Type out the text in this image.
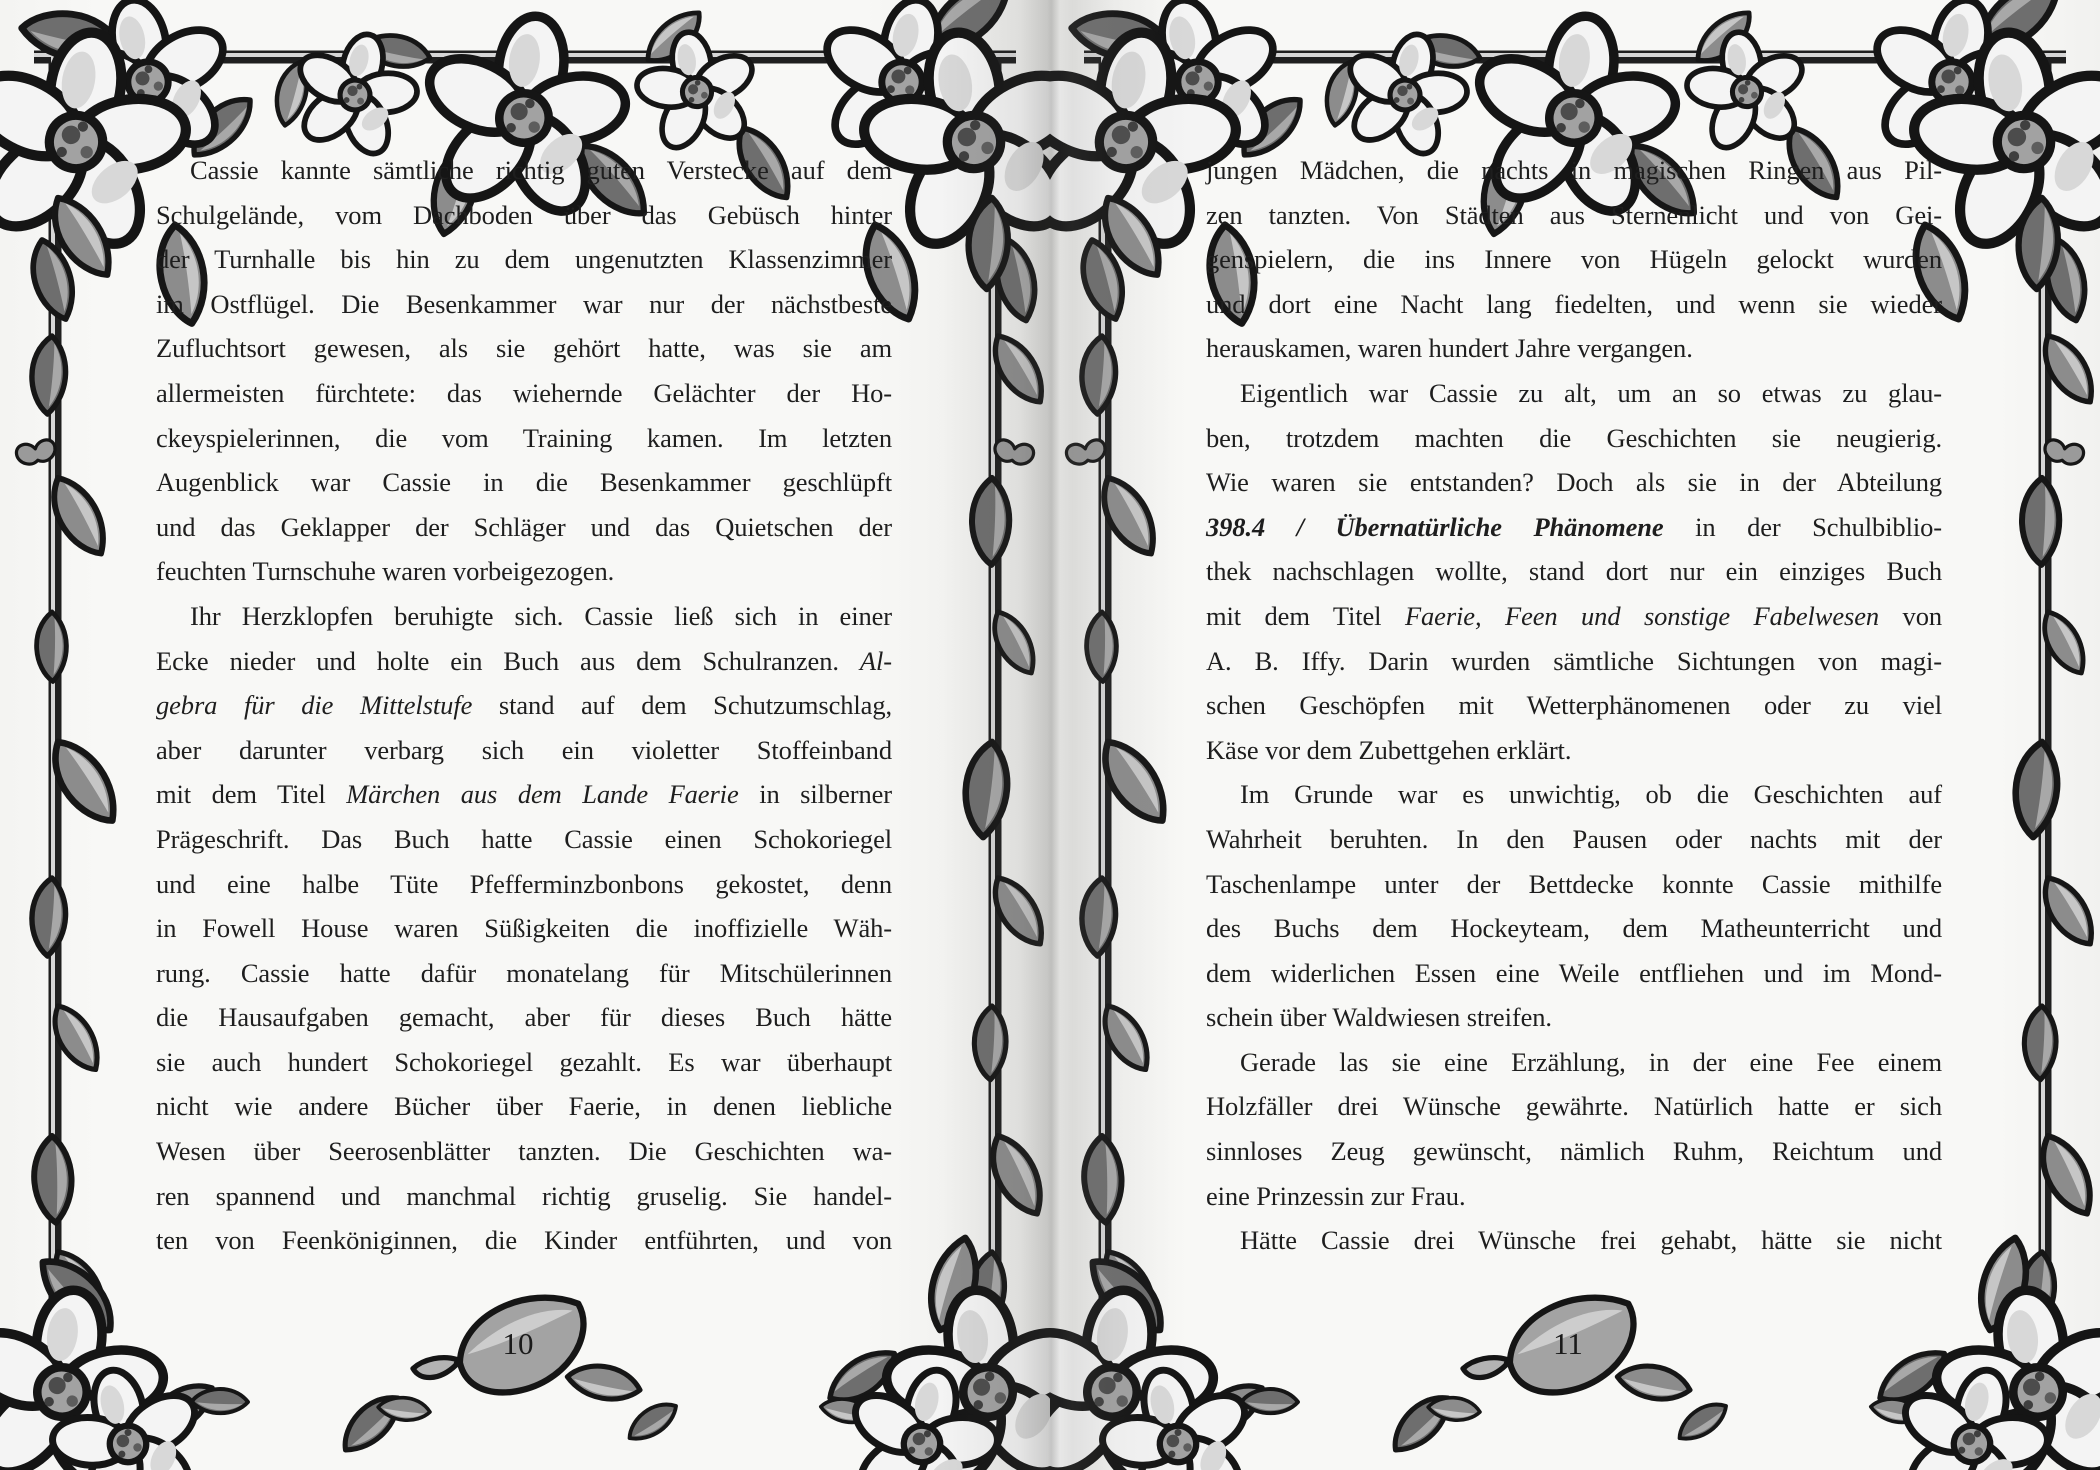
Cassie kannte sämtliche richtig guten Verstecke auf dem
Schulgelände, vom Dachboden über das Gebüsch hinter
der Turnhalle bis hin zu dem ungenutzten Klassenzimmer
im Ostflügel. Die Besenkammer war nur der nächstbeste
Zufluchtsort gewesen, als sie gehört hatte, was sie am
allermeisten fürchtete: das wiehernde Gelächter der Ho-
ckeyspielerinnen, die vom Training kamen. Im letzten
Augenblick war Cassie in die Besenkammer geschlüpft
und das Geklapper der Schläger und das Quietschen der
feuchten Turnschuhe waren vorbeigezogen.
Ihr Herzklopfen beruhigte sich. Cassie ließ sich in einer
Ecke nieder und holte ein Buch aus dem Schulranzen. Al-
gebra für die Mittelstufe stand auf dem Schutzumschlag,
aber darunter verbarg sich ein violetter Stoffeinband
mit dem Titel Märchen aus dem Lande Faerie in silberner
Prägeschrift. Das Buch hatte Cassie einen Schokoriegel
und eine halbe Tüte Pfefferminzbonbons gekostet, denn
in Fowell House waren Süßigkeiten die inoffizielle Wäh-
rung. Cassie hatte dafür monatelang für Mitschülerinnen
die Hausaufgaben gemacht, aber für dieses Buch hätte
sie auch hundert Schokoriegel gezahlt. Es war überhaupt
nicht wie andere Bücher über Faerie, in denen liebliche
Wesen über Seerosenblätter tanzten. Die Geschichten wa-
ren spannend und manchmal richtig gruselig. Sie handel-
ten von Feenköniginnen, die Kinder entführten, und von
10
jungen Mädchen, die nachts in magischen Ringen aus Pil-
zen tanzten. Von Städten aus Sternenlicht und von Gei-
genspielern, die ins Innere von Hügeln gelockt wurden
und dort eine Nacht lang fiedelten, und wenn sie wieder
herauskamen, waren hundert Jahre vergangen.
Eigentlich war Cassie zu alt, um an so etwas zu glau-
ben, trotzdem machten die Geschichten sie neugierig.
Wie waren sie entstanden? Doch als sie in der Abteilung
398.4 / Übernatürliche Phänomene in der Schulbiblio-
thek nachschlagen wollte, stand dort nur ein einziges Buch
mit dem Titel Faerie, Feen und sonstige Fabelwesen von
A. B. Iffy. Darin wurden sämtliche Sichtungen von magi-
schen Geschöpfen mit Wetterphänomenen oder zu viel
Käse vor dem Zubettgehen erklärt.
Im Grunde war es unwichtig, ob die Geschichten auf
Wahrheit beruhten. In den Pausen oder nachts mit der
Taschenlampe unter der Bettdecke konnte Cassie mithilfe
des Buchs dem Hockeyteam, dem Matheunterricht und
dem widerlichen Essen eine Weile entfliehen und im Mond-
schein über Waldwiesen streifen.
Gerade las sie eine Erzählung, in der eine Fee einem
Holzfäller drei Wünsche gewährte. Natürlich hatte er sich
sinnloses Zeug gewünscht, nämlich Ruhm, Reichtum und
eine Prinzessin zur Frau.
Hätte Cassie drei Wünsche frei gehabt, hätte sie nicht
11
